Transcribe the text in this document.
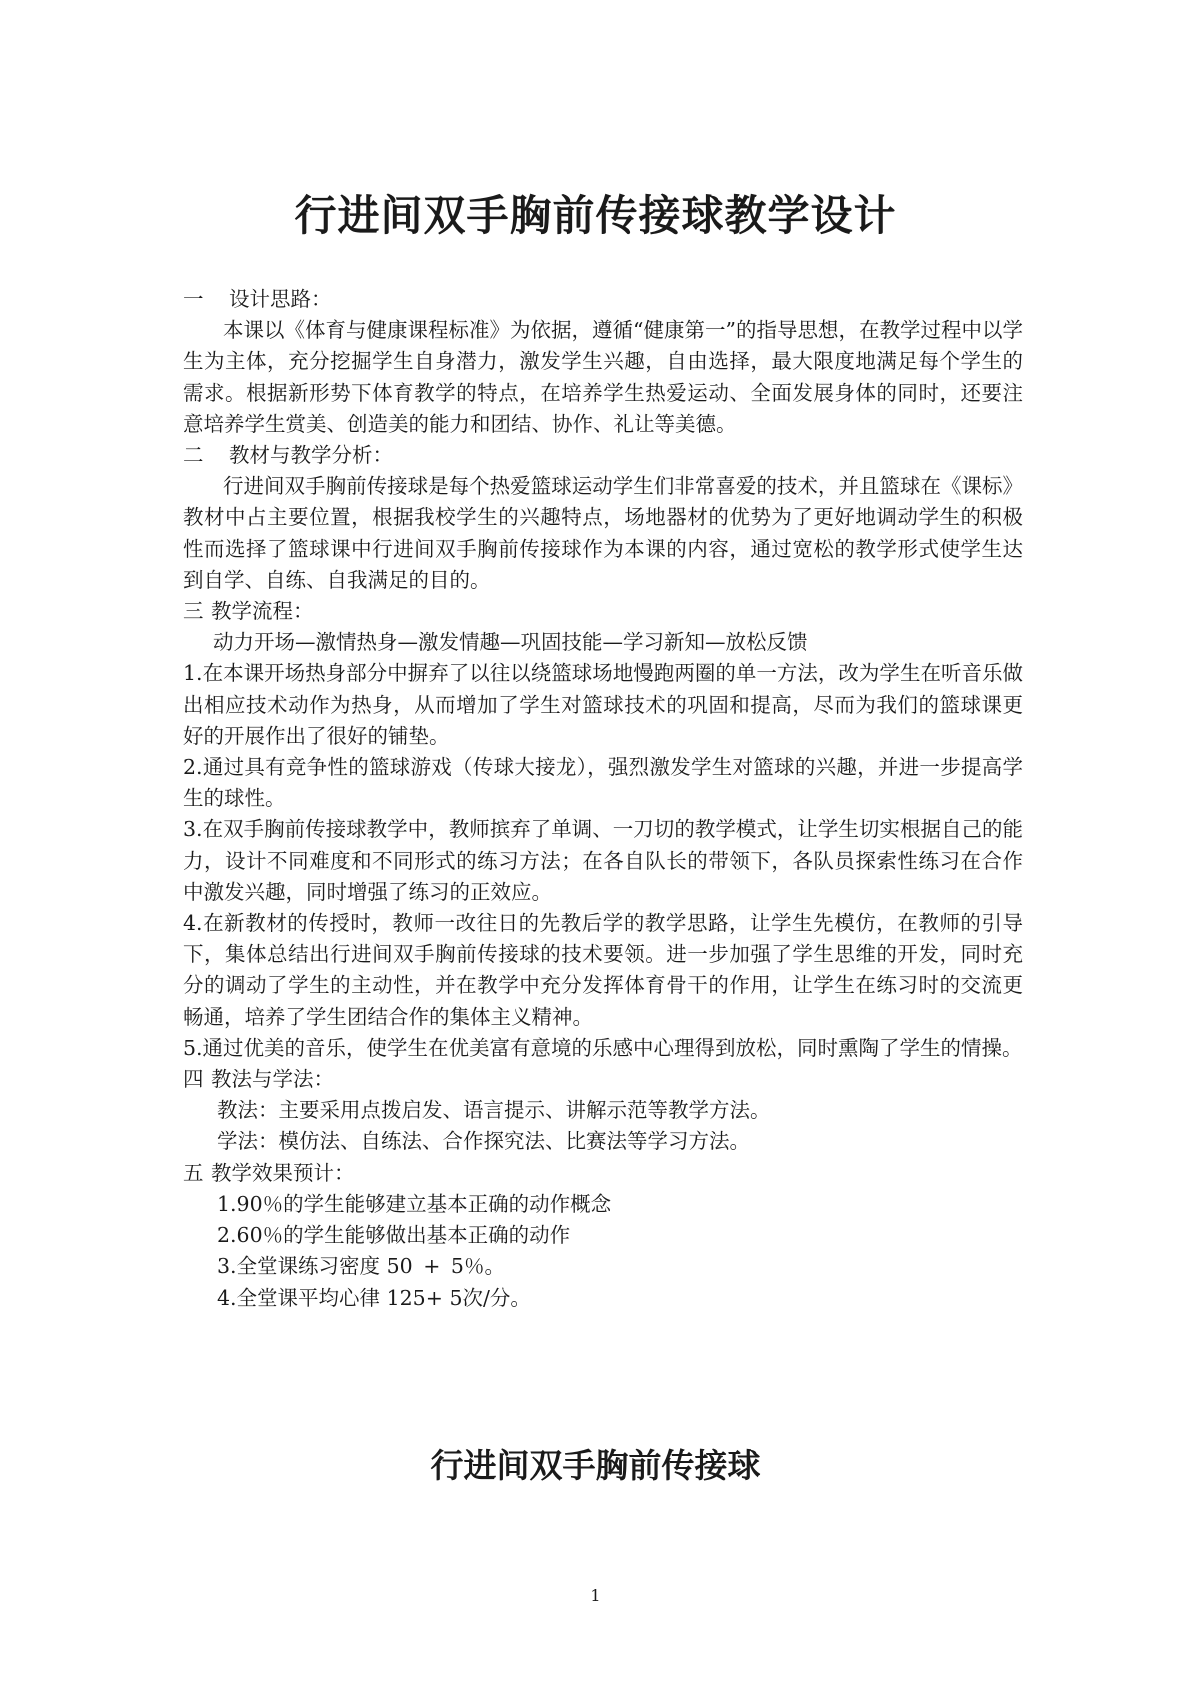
行进间双手胸前传接球教学设计

一 设计思路：

本课以《体育与健康课程标准》为依据，遵循“健康第一”的指导思想，在教学过程中以学生为主体，充分挖掘学生自身潜力，激发学生兴趣，自由选择，最大限度地满足每个学生的需求。根据新形势下体育教学的特点，在培养学生热爱运动、全面发展身体的同时，还要注意培养学生赏美、创造美的能力和团结、协作、礼让等美德。

二 教材与教学分析：

行进间双手胸前传接球是每个热爱篮球运动学生们非常喜爱的技术，并且篮球在《课标》教材中占主要位置，根据我校学生的兴趣特点，场地器材的优势为了更好地调动学生的积极性而选择了篮球课中行进间双手胸前传接球作为本课的内容，通过宽松的教学形式使学生达到自学、自练、自我满足的目的。

三 教学流程：

动力开场—激情热身—激发情趣—巩固技能—学习新知—放松反馈

1.在本课开场热身部分中摒弃了以往以绕篮球场地慢跑两圈的单一方法，改为学生在听音乐做出相应技术动作为热身，从而增加了学生对篮球技术的巩固和提高，尽而为我们的篮球课更好的开展作出了很好的铺垫。

2.通过具有竞争性的篮球游戏（传球大接龙），强烈激发学生对篮球的兴趣，并进一步提高学生的球性。

3.在双手胸前传接球教学中，教师摈弃了单调、一刀切的教学模式，让学生切实根据自己的能力，设计不同难度和不同形式的练习方法；在各自队长的带领下，各队员探索性练习在合作中激发兴趣，同时增强了练习的正效应。

4.在新教材的传授时，教师一改往日的先教后学的教学思路，让学生先模仿，在教师的引导下，集体总结出行进间双手胸前传接球的技术要领。进一步加强了学生思维的开发，同时充分的调动了学生的主动性，并在教学中充分发挥体育骨干的作用，让学生在练习时的交流更畅通，培养了学生团结合作的集体主义精神。

5.通过优美的音乐，使学生在优美富有意境的乐感中心理得到放松，同时熏陶了学生的情操。

四 教法与学法：

教法：主要采用点拨启发、语言提示、讲解示范等教学方法。

学法：模仿法、自练法、合作探究法、比赛法等学习方法。

五 教学效果预计：

1.90％的学生能够建立基本正确的动作概念

2.60％的学生能够做出基本正确的动作

3.全堂课练习密度 50 + 5％。

4.全堂课平均心律 125+ 5次/分。

行进间双手胸前传接球
1
